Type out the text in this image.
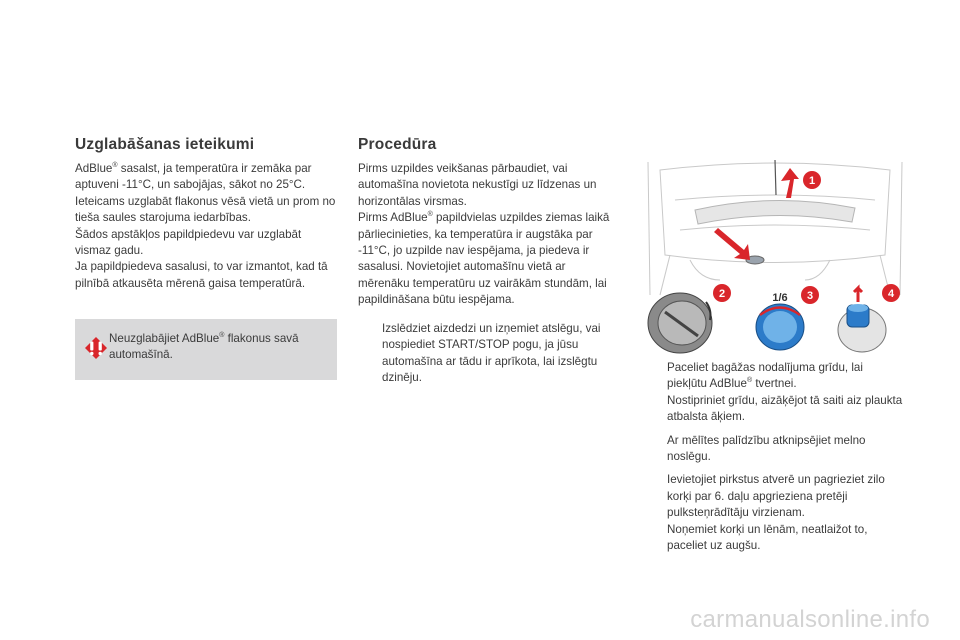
Uzglabāšanas ieteikumi

AdBlue® sasalst, ja temperatūra ir zemāka par aptuveni -11°C, un sabojājas, sākot no 25°C. Ieteicams uzglabāt flakonus vēsā vietā un prom no tieša saules starojuma iedarbības.

Šādos apstākļos papildpiedevu var uzglabāt vismaz gadu.

Ja papildpiedeva sasalusi, to var izmantot, kad tā pilnībā atkausēta mērenā gaisa temperatūrā.

Neuzglabājiet AdBlue® flakonus savā automašīnā.
Procedūra

Pirms uzpildes veikšanas pārbaudiet, vai automašīna novietota nekustīgi uz līdzenas un horizontālas virsmas.

Pirms AdBlue® papildvielas uzpildes ziemas laikā pārliecinieties, ka temperatūra ir augstāka par -11°C, jo uzpilde nav iespējama, ja piedeva ir sasalusi. Novietojiet automašīnu vietā ar mērenāku temperatūru uz vairākām stundām, lai papildināšana būtu iespējama.

Izslēdziet aizdedzi un izņemiet atslēgu, vai nospiediet START/STOP pogu, ja jūsu automašīna ar tādu ir aprīkota, lai izslēgtu dzinēju.
1
2	1/6 3	4
Paceliet bagāžas nodalījuma grīdu, lai piekļūtu AdBlue® tvertnei.
Nostipriniet grīdu, aizāķējot tā saiti aiz plaukta atbalsta āķiem.
Ar mēlītes palīdzību atknipsējiet melno noslēgu.
Ievietojiet pirkstus atverē un pagrieziet zilo korķi par 6. daļu apgrieziena pretēji pulksteņrādītāju virzienam.
Noņemiet korķi un lēnām, neatlaižot to, paceliet uz augšu.
carmanualsonline.info
